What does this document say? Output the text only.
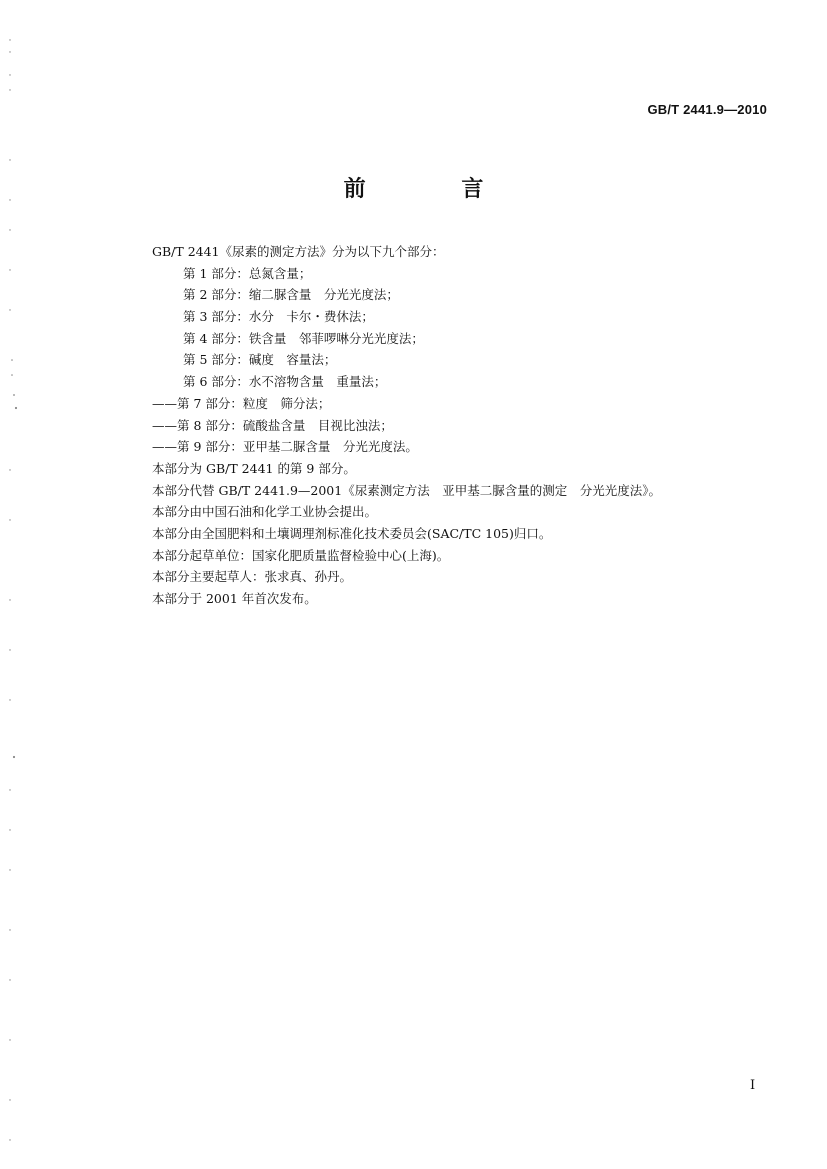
GB/T 2441.9—2010
前 言
GB/T 2441《尿素的测定方法》分为以下九个部分：
第 1 部分：总氮含量；
第 2 部分：缩二脲含量　分光光度法；
第 3 部分：水分　卡尔・费休法；
第 4 部分：铁含量　邻菲啰啉分光光度法；
第 5 部分：碱度　容量法；
第 6 部分：水不溶物含量　重量法；
——第 7 部分：粒度　筛分法；
——第 8 部分：硫酸盐含量　目视比浊法；
——第 9 部分：亚甲基二脲含量　分光光度法。
本部分为 GB/T 2441 的第 9 部分。
本部分代替 GB/T 2441.9—2001《尿素测定方法　亚甲基二脲含量的测定　分光光度法》。
本部分由中国石油和化学工业协会提出。
本部分由全国肥料和土壤调理剂标准化技术委员会(SAC/TC 105)归口。
本部分起草单位：国家化肥质量监督检验中心(上海)。
本部分主要起草人：张求真、孙丹。
本部分于 2001 年首次发布。
I
